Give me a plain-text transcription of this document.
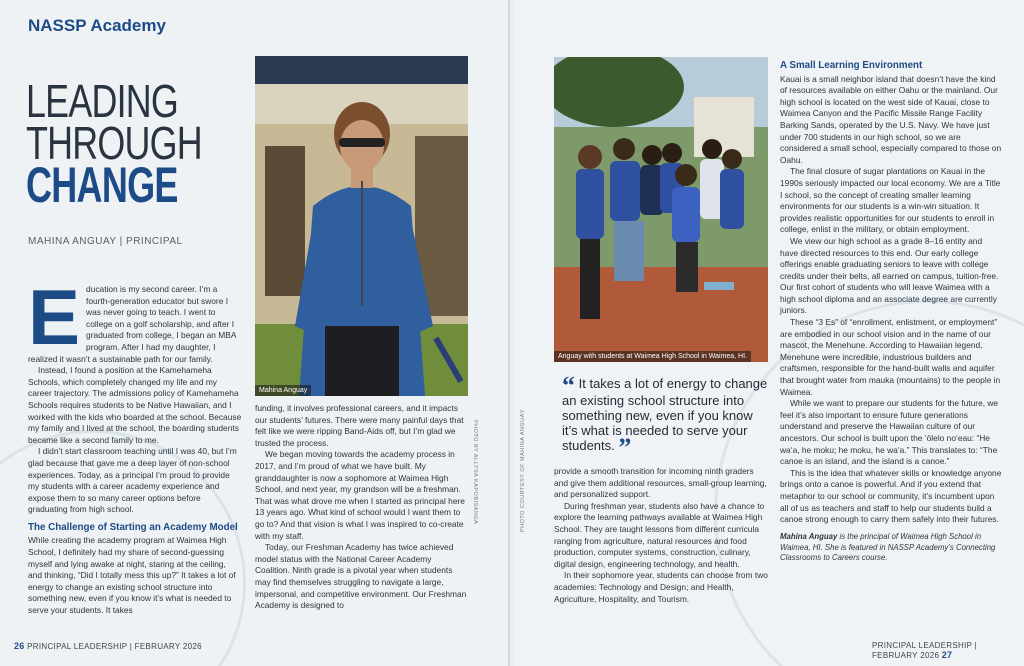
NASSP Academy
LEADING
THROUGH
CHANGE
MAHINA ANGUAY | PRINCIPAL
E ducation is my second career. I’m a fourth-generation educator but swore I was never going to teach. I went to college on a golf scholarship, and after I graduated from college, I began an MBA program. After I had my daughter, I realized it wasn’t a sustainable path for our family.

Instead, I found a position at the Kamehameha Schools, which completely changed my life and my career trajectory. The admissions policy of Kamehameha Schools requires students to be Native Hawaiian, and I worked with the kids who boarded at the school. Because my family and I lived at the school, the boarding students became like a second family to me.

I didn’t start classroom teaching until I was 40, but I’m glad because that gave me a deep layer of non-school experiences. Today, as a principal I’m proud to provide my students with a career academy experience and expose them to so many career options before graduating from high school.

The Challenge of Starting an Academy Model

While creating the academy program at Waimea High School, I definitely had my share of second-guessing myself and lying awake at night, staring at the ceiling, and thinking, “Did I totally mess this up?” It takes a lot of energy to change an existing school structure into something new, even if you know it’s what is needed to serve your students. It takes

Mahina Anguay

funding, it involves professional careers, and it impacts our students’ futures. There were many painful days that felt like we were ripping Band-Aids off, but I’m glad we trusted the process.

We began moving towards the academy process in 2017, and I’m proud of what we have built. My granddaughter is now a sophomore at Waimea High School, and next year, my grandson will be a freshman. That was what drove me when I started as principal here 13 years ago. What kind of school would I want them to go to? And that vision is what I was inspired to co-create with my staff.

Today, our Freshman Academy has twice achieved model status with the National Career Academy Coalition. Ninth grade is a pivotal year when students may find themselves struggling to navigate a large, impersonal, and competitive environment. Our Freshman Academy is designed to

PHOTO BY ALLYSA KAPOBISANGA
26 PRINCIPAL LEADERSHIP | FEBRUARY 2026
Anguay with students at Waimea High School in Waimea, HI.
PHOTO COURTESY OF MAHINA ANGUAY
“ It takes a lot of energy to change an existing school structure into something new, even if you know it’s what is needed to serve your students. ”

provide a smooth transition for incoming ninth graders and give them additional resources, small-group learning, and personalized support.

During freshman year, students also have a chance to explore the learning pathways available at Waimea High School. They are taught lessons from different curricula ranging from agriculture, natural resources and food production, computer systems, construction, culinary, digital design, engineering technology, and health.

In their sophomore year, students can choose from two academies: Technology and Design; and Health, Agriculture, Hospitality, and Tourism.

A Small Learning Environment

Kauai is a small neighbor island that doesn’t have the kind of resources available on either Oahu or the mainland. Our high school is located on the west side of Kauai, close to Waimea Canyon and the Pacific Missile Range Facility Barking Sands, operated by the U.S. Navy. We have just under 700 students in our high school, so we are considered a small school, especially compared to those on Oahu.

The final closure of sugar plantations on Kauai in the 1990s seriously impacted our local economy. We are a Title I school, so the concept of creating smaller learning environments for our students is a win-win situation. It provides realistic opportunities for our students to enroll in college, enlist in the military, or obtain employment.

We view our high school as a grade 8–16 entity and have directed resources to this end. Our early college offerings enable graduating seniors to leave with college credits under their belts, all earned on campus, tuition-free. Our first cohort of students who will leave Waimea with a high school diploma and an associate degree are currently juniors.

These “3 Es” of “enrollment, enlistment, or employment” are embodied in our school vision and in the name of our mascot, the Menehune. According to Hawaiian legend, Menehune were incredible, industrious builders and craftsmen, responsible for the hand-built walls and aquifer that brought water from mauka (mountains) to the people in Waimea.

While we want to prepare our students for the future, we feel it’s also important to ensure future generations understand and preserve the Hawaiian culture of our ancestors. Our school is built upon the ‘ōlelo no‘eau: “He wa‘a, he moku; he moku, he wa‘a.” This translates to: “The canoe is an island, and the island is a canoe.”

This is the idea that whatever skills or knowledge anyone brings onto a canoe is powerful. And if you extend that metaphor to our school or community, it’s incumbent upon all of us as teachers and staff to help our students build a canoe strong enough to carry them safely into their futures.

Mahina Anguay is the principal of Waimea High School in Waimea, HI. She is featured in NASSP Academy’s Connecting Classrooms to Careers course.
PRINCIPAL LEADERSHIP | FEBRUARY 2026 27
